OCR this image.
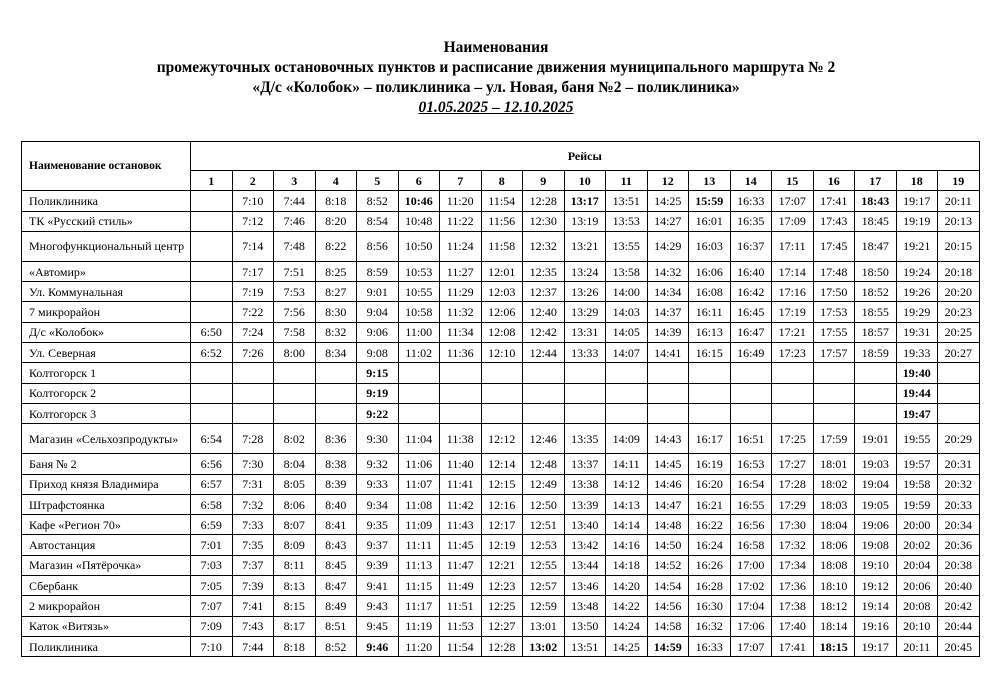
Наименования
промежуточных остановочных пунктов и расписание движения муниципального маршрута № 2
«Д/с «Колобок» – поликлиника – ул. Новая, баня №2 – поликлиника»
01.05.2025 – 12.10.2025
Наименование остановок	Рейсы																		
	1	2	3	4	5	6	7	8	9	10	11	12	13	14	15	16	17	18	19
Поликлиника		7:10	7:44	8:18	8:52	10:46	11:20	11:54	12:28	13:17	13:51	14:25	15:59	16:33	17:07	17:41	18:43	19:17	20:11
ТК «Русский стиль»		7:12	7:46	8:20	8:54	10:48	11:22	11:56	12:30	13:19	13:53	14:27	16:01	16:35	17:09	17:43	18:45	19:19	20:13
Многофункциональный центр		7:14	7:48	8:22	8:56	10:50	11:24	11:58	12:32	13:21	13:55	14:29	16:03	16:37	17:11	17:45	18:47	19:21	20:15
«Автомир»		7:17	7:51	8:25	8:59	10:53	11:27	12:01	12:35	13:24	13:58	14:32	16:06	16:40	17:14	17:48	18:50	19:24	20:18
Ул. Коммунальная		7:19	7:53	8:27	9:01	10:55	11:29	12:03	12:37	13:26	14:00	14:34	16:08	16:42	17:16	17:50	18:52	19:26	20:20
7 микрорайон		7:22	7:56	8:30	9:04	10:58	11:32	12:06	12:40	13:29	14:03	14:37	16:11	16:45	17:19	17:53	18:55	19:29	20:23
Д/с «Колобок»	6:50	7:24	7:58	8:32	9:06	11:00	11:34	12:08	12:42	13:31	14:05	14:39	16:13	16:47	17:21	17:55	18:57	19:31	20:25
Ул. Северная	6:52	7:26	8:00	8:34	9:08	11:02	11:36	12:10	12:44	13:33	14:07	14:41	16:15	16:49	17:23	17:57	18:59	19:33	20:27
Колтогорск 1					9:15													19:40	
Колтогорск 2					9:19													19:44	
Колтогорск 3					9:22													19:47	
Магазин «Сельхозпродукты»	6:54	7:28	8:02	8:36	9:30	11:04	11:38	12:12	12:46	13:35	14:09	14:43	16:17	16:51	17:25	17:59	19:01	19:55	20:29
Баня № 2	6:56	7:30	8:04	8:38	9:32	11:06	11:40	12:14	12:48	13:37	14:11	14:45	16:19	16:53	17:27	18:01	19:03	19:57	20:31
Приход князя Владимира	6:57	7:31	8:05	8:39	9:33	11:07	11:41	12:15	12:49	13:38	14:12	14:46	16:20	16:54	17:28	18:02	19:04	19:58	20:32
Штрафстоянка	6:58	7:32	8:06	8:40	9:34	11:08	11:42	12:16	12:50	13:39	14:13	14:47	16:21	16:55	17:29	18:03	19:05	19:59	20:33
Кафе «Регион 70»	6:59	7:33	8:07	8:41	9:35	11:09	11:43	12:17	12:51	13:40	14:14	14:48	16:22	16:56	17:30	18:04	19:06	20:00	20:34
Автостанция	7:01	7:35	8:09	8:43	9:37	11:11	11:45	12:19	12:53	13:42	14:16	14:50	16:24	16:58	17:32	18:06	19:08	20:02	20:36
Магазин «Пятёрочка»	7:03	7:37	8:11	8:45	9:39	11:13	11:47	12:21	12:55	13:44	14:18	14:52	16:26	17:00	17:34	18:08	19:10	20:04	20:38
Сбербанк	7:05	7:39	8:13	8:47	9:41	11:15	11:49	12:23	12:57	13:46	14:20	14:54	16:28	17:02	17:36	18:10	19:12	20:06	20:40
2 микрорайон	7:07	7:41	8:15	8:49	9:43	11:17	11:51	12:25	12:59	13:48	14:22	14:56	16:30	17:04	17:38	18:12	19:14	20:08	20:42
Каток «Витязь»	7:09	7:43	8:17	8:51	9:45	11:19	11:53	12:27	13:01	13:50	14:24	14:58	16:32	17:06	17:40	18:14	19:16	20:10	20:44
Поликлиника	7:10	7:44	8:18	8:52	9:46	11:20	11:54	12:28	13:02	13:51	14:25	14:59	16:33	17:07	17:41	18:15	19:17	20:11	20:45
